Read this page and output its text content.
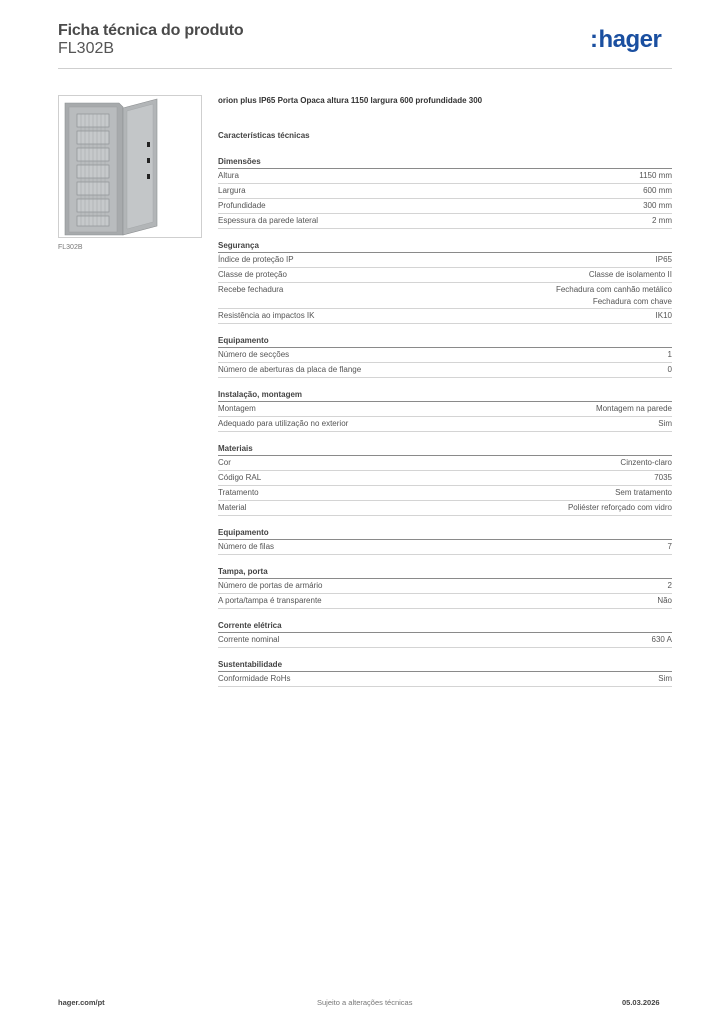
Ficha técnica do produto
FL302B	:hager
FL302B
orion plus IP65 Porta Opaca altura 1150 largura 600 profundidade 300
Características técnicas
Dimensões
Altura	1150 mm
Largura	600 mm
Profundidade	300 mm
Espessura da parede lateral	2 mm
Segurança
Índice de proteção IP	IP65
Classe de proteção	Classe de isolamento II
Recebe fechadura	Fechadura com canhão metálico
Fechadura com chave
Resistência ao impactos IK	IK10
Equipamento
Número de secções	1
Número de aberturas da placa de flange	0
Instalação, montagem
Montagem	Montagem na parede
Adequado para utilização no exterior	Sim
Materiais
Cor	Cinzento-claro
Código RAL	7035
Tratamento	Sem tratamento
Material	Poliéster reforçado com vidro
Equipamento
Número de filas	7
Tampa, porta
Número de portas de armário	2
A porta/tampa é transparente	Não
Corrente elétrica
Corrente nominal	630 A
Sustentabilidade
Conformidade RoHs	Sim
hager.com/pt	Sujeito a alterações técnicas	05.03.2026
